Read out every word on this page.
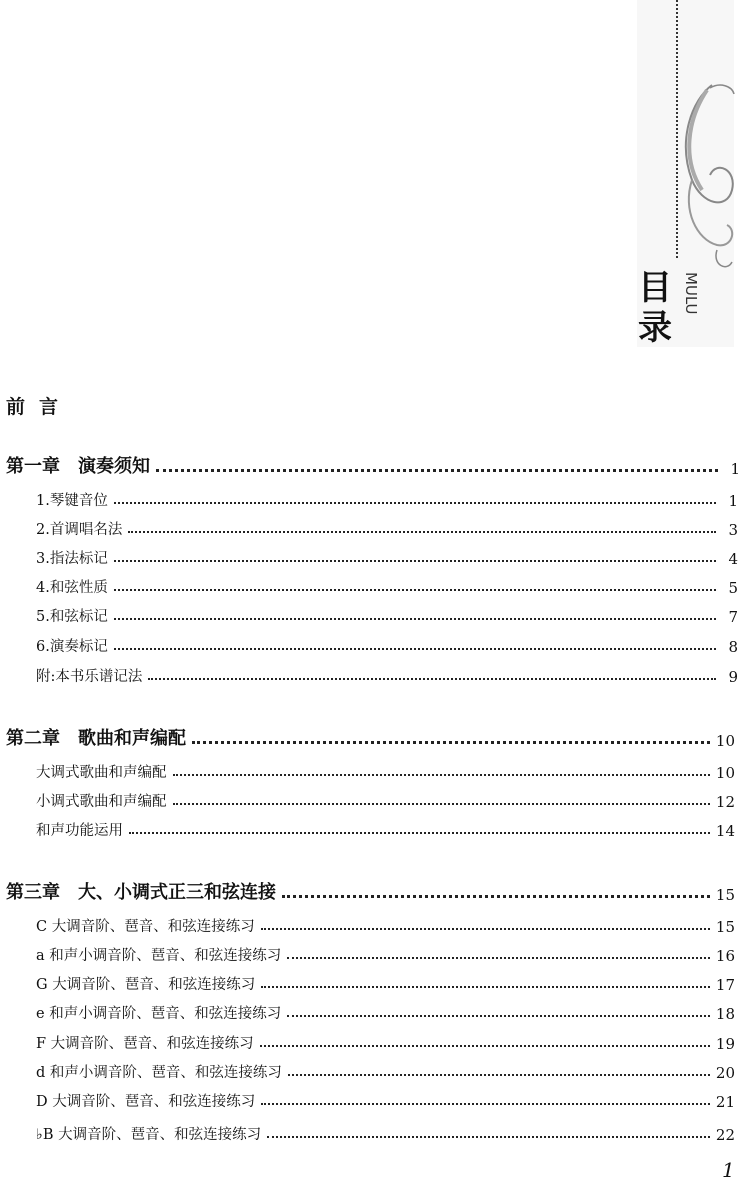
目
录
MULU
前言
第一章　演奏须知	1
1.琴键音位	1
2.首调唱名法	3
3.指法标记	4
4.和弦性质	5
5.和弦标记	7
6.演奏标记	8
附:本书乐谱记法	9
第二章　歌曲和声编配	10
大调式歌曲和声编配	10
小调式歌曲和声编配	12
和声功能运用	14
第三章　大、小调式正三和弦连接	15
C 大调音阶、琶音、和弦连接练习	15
a 和声小调音阶、琶音、和弦连接练习	16
G 大调音阶、琶音、和弦连接练习	17
e 和声小调音阶、琶音、和弦连接练习	18
F 大调音阶、琶音、和弦连接练习	19
d 和声小调音阶、琶音、和弦连接练习	20
D 大调音阶、琶音、和弦连接练习	21
♭B 大调音阶、琶音、和弦连接练习	22
1
